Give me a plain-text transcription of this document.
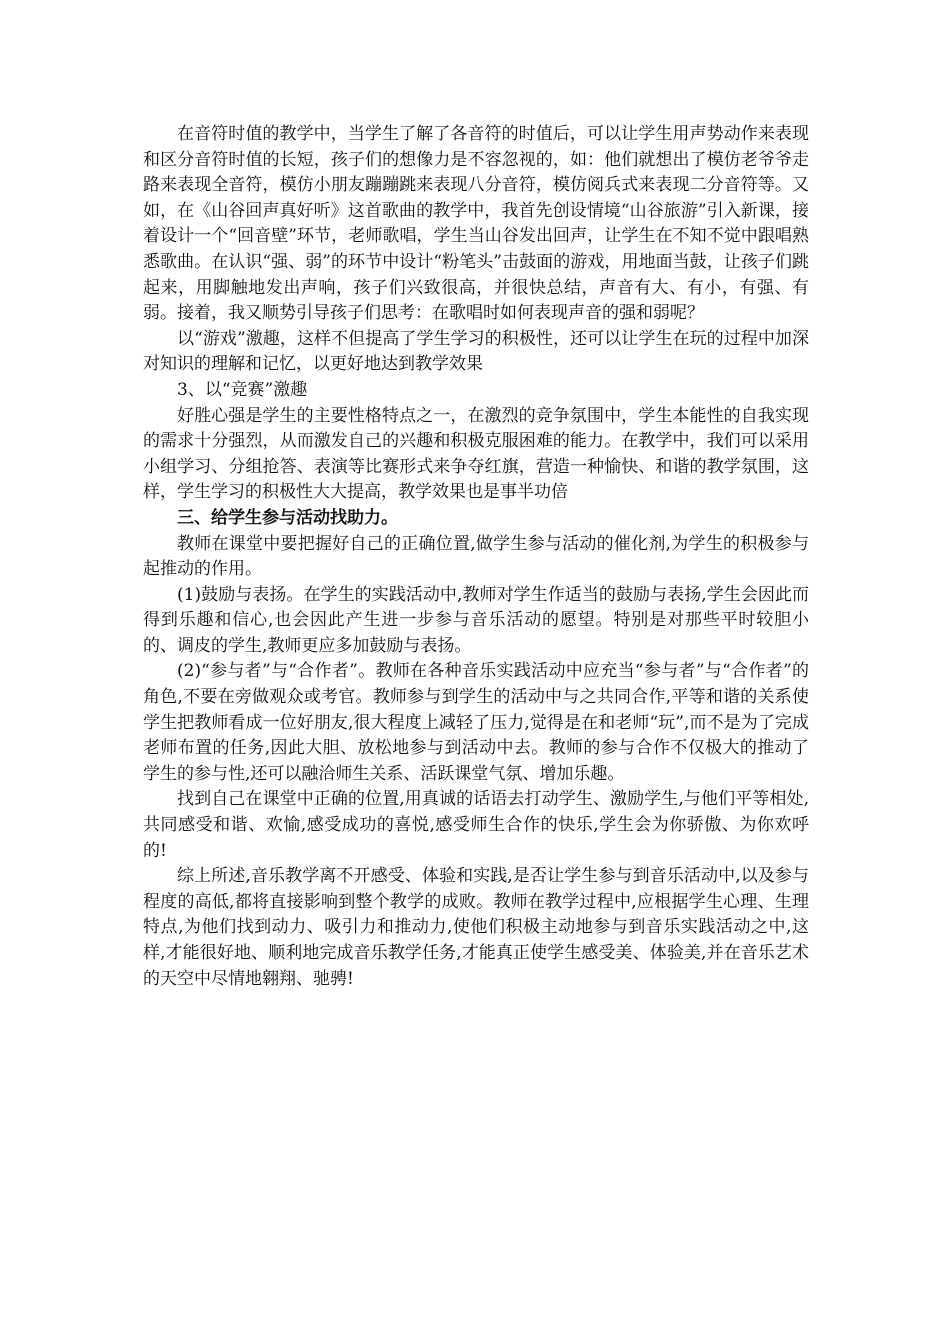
在音符时值的教学中，当学生了解了各音符的时值后，可以让学生用声势动作来表现和区分音符时值的长短，孩子们的想像力是不容忽视的，如：他们就想出了模仿老爷爷走路来表现全音符，模仿小朋友蹦蹦跳来表现八分音符，模仿阅兵式来表现二分音符等。又如，在《山谷回声真好听》这首歌曲的教学中，我首先创设情境“山谷旅游”引入新课，接着设计一个“回音壁”环节，老师歌唱，学生当山谷发出回声，让学生在不知不觉中跟唱熟悉歌曲。在认识“强、弱”的环节中设计“粉笔头”击鼓面的游戏，用地面当鼓，让孩子们跳起来，用脚触地发出声响，孩子们兴致很高，并很快总结，声音有大、有小，有强、有弱。接着，我又顺势引导孩子们思考：在歌唱时如何表现声音的强和弱呢？

以“游戏”激趣，这样不但提高了学生学习的积极性，还可以让学生在玩的过程中加深对知识的理解和记忆，以更好地达到教学效果

3、以“竞赛”激趣

好胜心强是学生的主要性格特点之一，在激烈的竞争氛围中，学生本能性的自我实现的需求十分强烈，从而激发自己的兴趣和积极克服困难的能力。在教学中，我们可以采用小组学习、分组抢答、表演等比赛形式来争夺红旗，营造一种愉快、和谐的教学氛围，这样，学生学习的积极性大大提高，教学效果也是事半功倍

三、给学生参与活动找助力。

教师在课堂中要把握好自己的正确位置,做学生参与活动的催化剂,为学生的积极参与起推动的作用。

(1)鼓励与表扬。在学生的实践活动中,教师对学生作适当的鼓励与表扬,学生会因此而得到乐趣和信心,也会因此产生进一步参与音乐活动的愿望。特别是对那些平时较胆小的、调皮的学生,教师更应多加鼓励与表扬。

(2)“参与者”与“合作者”。教师在各种音乐实践活动中应充当“参与者”与“合作者”的角色,不要在旁做观众或考官。教师参与到学生的活动中与之共同合作,平等和谐的关系使学生把教师看成一位好朋友,很大程度上减轻了压力,觉得是在和老师“玩”,而不是为了完成老师布置的任务,因此大胆、放松地参与到活动中去。教师的参与合作不仅极大的推动了学生的参与性,还可以融洽师生关系、活跃课堂气氛、增加乐趣。

找到自己在课堂中正确的位置,用真诚的话语去打动学生、激励学生,与他们平等相处,共同感受和谐、欢愉,感受成功的喜悦,感受师生合作的快乐,学生会为你骄傲、为你欢呼的!

综上所述,音乐教学离不开感受、体验和实践,是否让学生参与到音乐活动中,以及参与程度的高低,都将直接影响到整个教学的成败。教师在教学过程中,应根据学生心理、生理特点,为他们找到动力、吸引力和推动力,使他们积极主动地参与到音乐实践活动之中,这样,才能很好地、顺利地完成音乐教学任务,才能真正使学生感受美、体验美,并在音乐艺术的天空中尽情地翱翔、驰骋!
